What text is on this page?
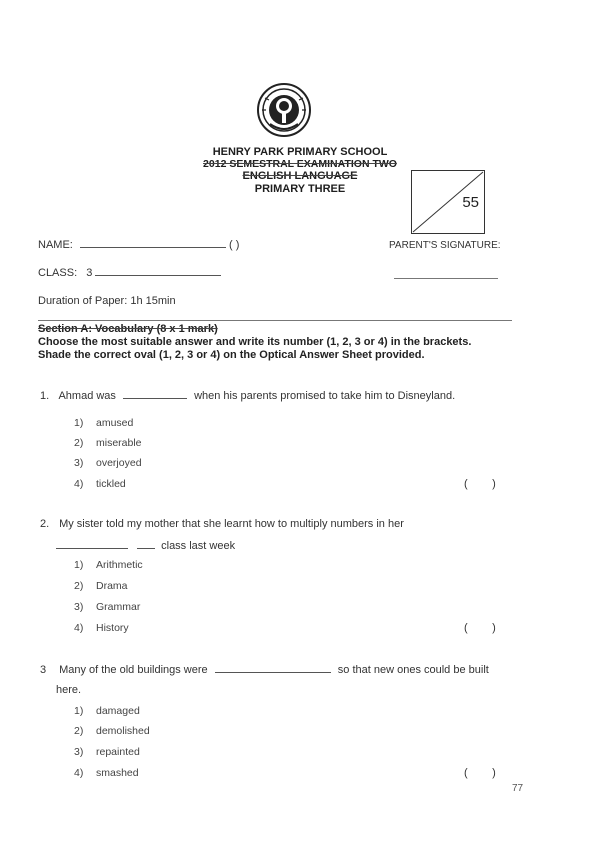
HENRY PARK PRIMARY SCHOOL
2012 SEMESTRAL EXAMINATION TWO
ENGLISH LANGUAGE
PRIMARY THREE
55
NAME:	( )	PARENT'S SIGNATURE:
CLASS: 3
Duration of Paper: 1h 15min
Section A: Vocabulary (8 x 1 mark)
Choose the most suitable answer and write its number (1, 2, 3 or 4) in the brackets.
Shade the correct oval (1, 2, 3 or 4) on the Optical Answer Sheet provided.
1. Ahmad was	when his parents promised to take him to Disneyland.
1) amused
2) miserable
3) overjoyed
4) tickled	(        )
2. My sister told my mother that she learnt how to multiply numbers in her
class last week
1) Arithmetic
2) Drama
3) Grammar
4) History	(        )
3 Many of the old buildings were	so that new ones could be built
here.
1) damaged
2) demolished
3) repainted
4) smashed	(        )
77
